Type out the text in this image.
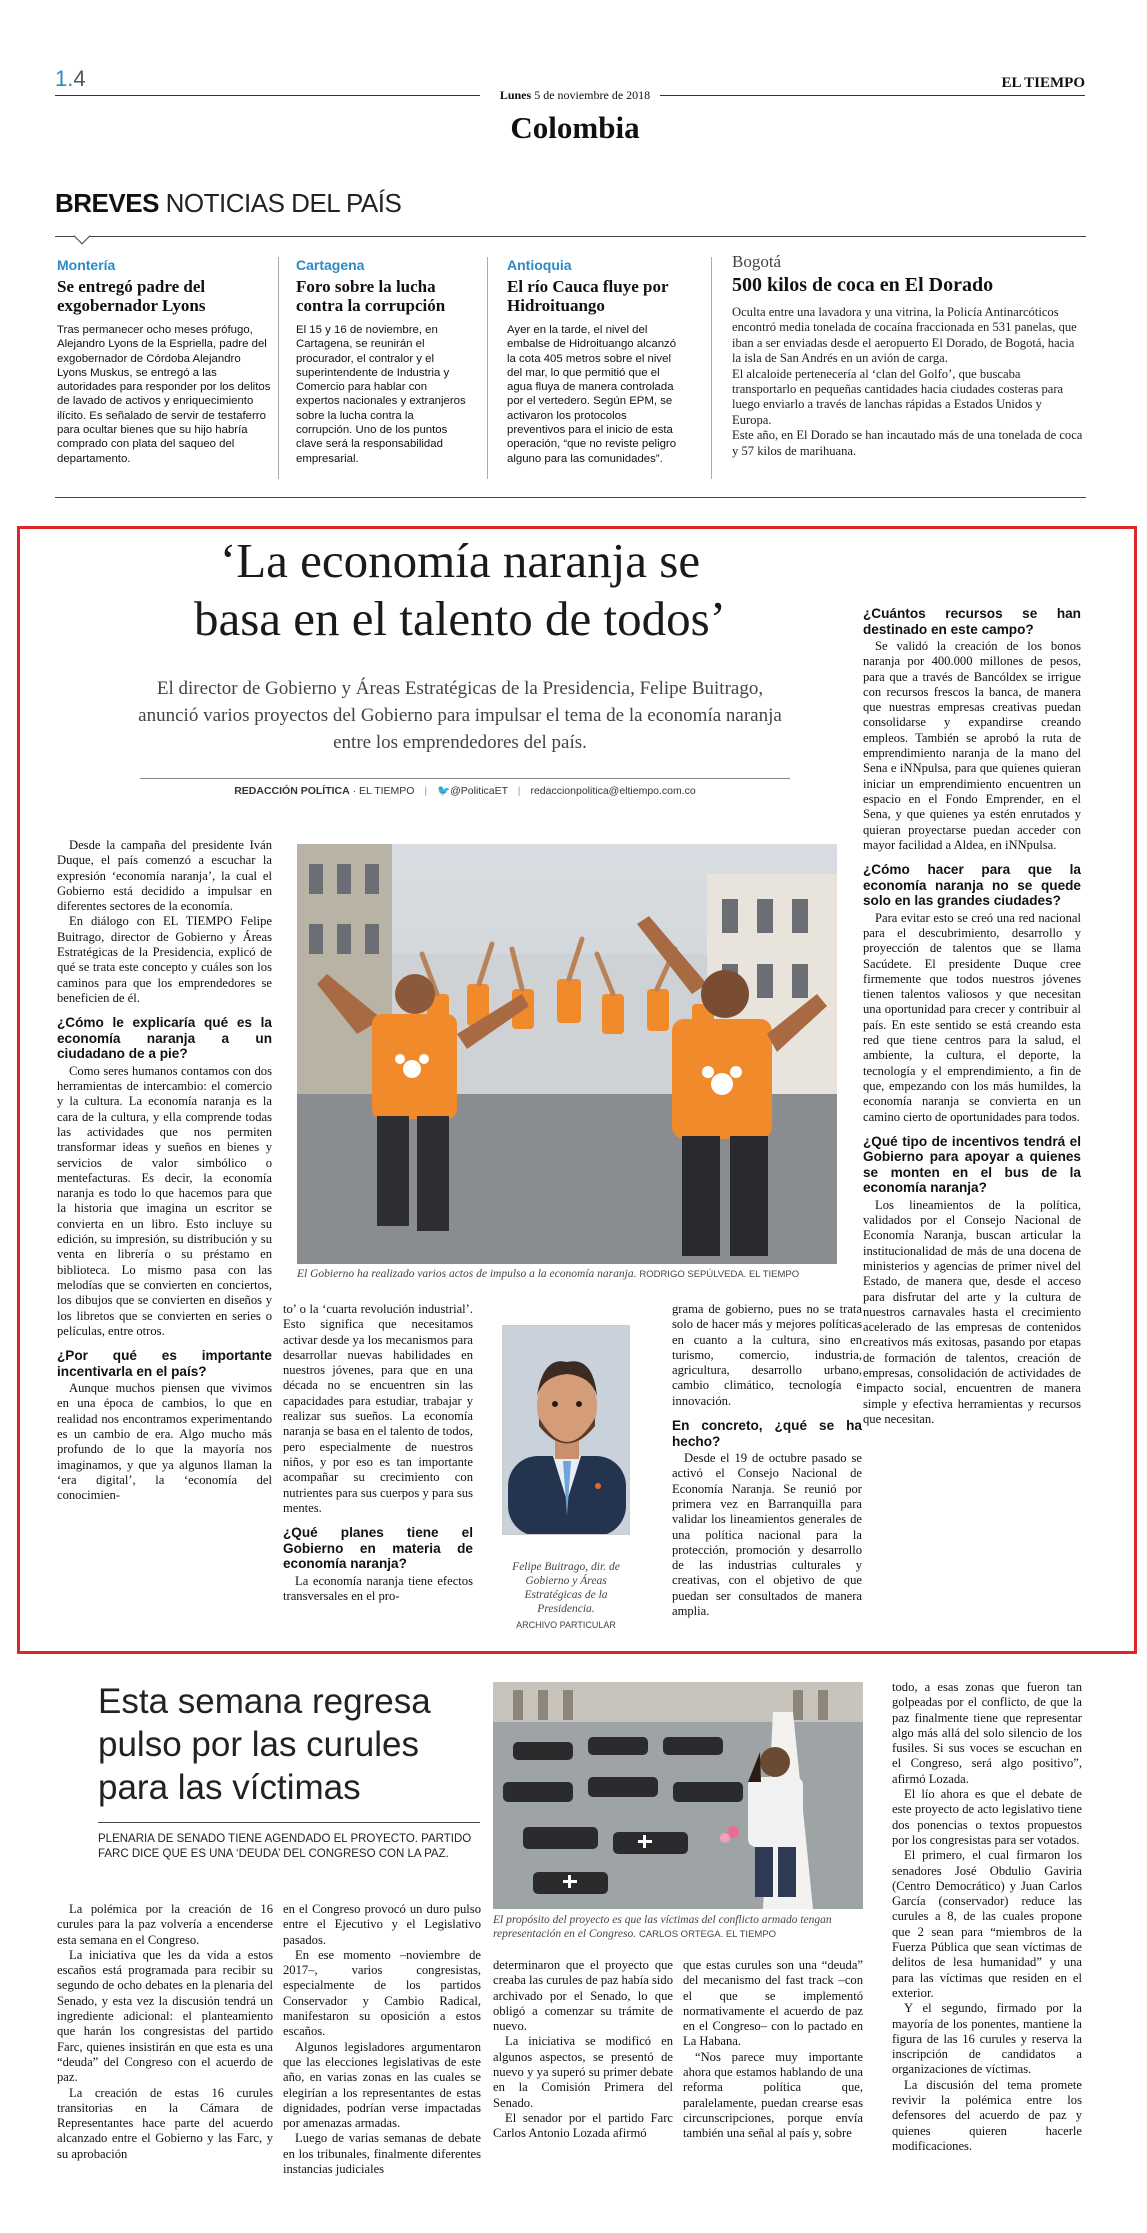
1.4
Lunes 5 de noviembre de 2018
Colombia
EL TIEMPO
BREVES NOTICIAS DEL PAÍS
Montería
Se entregó padre del exgobernador Lyons
Tras permanecer ocho meses prófugo, Alejandro Lyons de la Espriella, padre del exgobernador de Córdoba Alejandro Lyons Muskus, se entregó a las autoridades para responder por los delitos de lavado de activos y enriquecimiento ilícito. Es señalado de servir de testaferro para ocultar bienes que su hijo habría comprado con plata del saqueo del departamento.
Cartagena
Foro sobre la lucha contra la corrupción
El 15 y 16 de noviembre, en Cartagena, se reunirán el procurador, el contralor y el superintendente de Industria y Comercio para hablar con expertos nacionales y extranjeros sobre la lucha contra la corrupción. Uno de los puntos clave será la responsabilidad empresarial.
Antioquia
El río Cauca fluye por Hidroituango
Ayer en la tarde, el nivel del embalse de Hidroituango alcanzó la cota 405 metros sobre el nivel del mar, lo que permitió que el agua fluya de manera controlada por el vertedero. Según EPM, se activaron los protocolos preventivos para el inicio de esta operación, “que no reviste peligro alguno para las comunidades”.
Bogotá
500 kilos de coca en El Dorado
Oculta entre una lavadora y una vitrina, la Policía Antinarcóticos encontró media tonelada de cocaína fraccionada en 531 panelas, que iban a ser enviadas desde el aeropuerto El Dorado, de Bogotá, hacia la isla de San Andrés en un avión de carga.
El alcaloide pertenecería al ‘clan del Golfo’, que buscaba transportarlo en pequeñas cantidades hacia ciudades costeras para luego enviarlo a través de lanchas rápidas a Estados Unidos y Europa.
Este año, en El Dorado se han incautado más de una tonelada de coca y 57 kilos de marihuana.
‘La economía naranja se
basa en el talento de todos’
El director de Gobierno y Áreas Estratégicas de la Presidencia, Felipe Buitrago, anunció varios proyectos del Gobierno para impulsar el tema de la economía naranja entre los emprendedores del país.
REDACCIÓN POLÍTICA · EL TIEMPO | 🐦@PoliticaET | redaccionpolitica@eltiempo.com.co

Desde la campaña del presidente Iván Duque, el país comenzó a escuchar la expresión ‘economía naranja’, la cual el Gobierno está decidido a impulsar en diferentes sectores de la economía.

En diálogo con EL TIEMPO Felipe Buitrago, director de Gobierno y Áreas Estratégicas de la Presidencia, explicó de qué se trata este concepto y cuáles son los caminos para que los emprendedores se beneficien de él.

¿Cómo le explicaría qué es la economía naranja a un ciudadano de a pie?

Como seres humanos contamos con dos herramientas de intercambio: el comercio y la cultura. La economía naranja es la cara de la cultura, y ella comprende todas las actividades que nos permiten transformar ideas y sueños en bienes y servicios de valor simbólico o mentefacturas. Es decir, la economía naranja es todo lo que hacemos para que la historia que imagina un escritor se convierta en un libro. Esto incluye su edición, su impresión, su distribución y su venta en librería o su préstamo en biblioteca. Lo mismo pasa con las melodías que se convierten en conciertos, los dibujos que se convierten en diseños y los libretos que se convierten en series o películas, entre otros.

¿Por qué es importante incentivarla en el país?

Aunque muchos piensen que vivimos en una época de cambios, lo que en realidad nos encontramos experimentando es un cambio de era. Algo mucho más profundo de lo que la mayoría nos imaginamos, y que ya algunos llaman la ‘era digital’, la ‘economía del conocimien-

El Gobierno ha realizado varios actos de impulso a la economía naranja. RODRIGO SEPÚLVEDA. EL TIEMPO

to’ o la ‘cuarta revolución industrial’. Esto significa que necesitamos activar desde ya los mecanismos para desarrollar nuevas habilidades en nuestros jóvenes, para que en una década no se encuentren sin las capacidades para estudiar, trabajar y realizar sus sueños. La economía naranja se basa en el talento de todos, pero especialmente de nuestros niños, y por eso es tan importante acompañar su crecimiento con nutrientes para sus cuerpos y para sus mentes.

¿Qué planes tiene el Gobierno en materia de economía naranja?

La economía naranja tiene efectos transversales en el pro-

Felipe Buitrago, dir. de Gobierno y Áreas Estratégicas de la Presidencia.
ARCHIVO PARTICULAR

grama de gobierno, pues no se trata solo de hacer más y mejores políticas en cuanto a la cultura, sino en turismo, comercio, industria, agricultura, desarrollo urbano, cambio climático, tecnología e innovación.

En concreto, ¿qué se ha hecho?

Desde el 19 de octubre pasado se activó el Consejo Nacional de Economía Naranja. Se reunió por primera vez en Barranquilla para validar los lineamientos generales de una política nacional para la protección, promoción y desarrollo de las industrias culturales y creativas, con el objetivo de que puedan ser consultados de manera amplia.

¿Cuántos recursos se han destinado en este campo?

Se validó la creación de los bonos naranja por 400.000 millones de pesos, para que a través de Bancóldex se irrigue con recursos frescos la banca, de manera que nuestras empresas creativas puedan consolidarse y expandirse creando empleos. También se aprobó la ruta de emprendimiento naranja de la mano del Sena e iNNpulsa, para que quienes quieran iniciar un emprendimiento encuentren un espacio en el Fondo Emprender, en el Sena, y que quienes ya estén enrutados y quieran proyectarse puedan acceder con mayor facilidad a Aldea, en iNNpulsa.

¿Cómo hacer para que la economía naranja no se quede solo en las grandes ciudades?

Para evitar esto se creó una red nacional para el descubrimiento, desarrollo y proyección de talentos que se llama Sacúdete. El presidente Duque cree firmemente que todos nuestros jóvenes tienen talentos valiosos y que necesitan una oportunidad para crecer y contribuir al país. En este sentido se está creando esta red que tiene centros para la salud, el ambiente, la cultura, el deporte, la tecnología y el emprendimiento, a fin de que, empezando con los más humildes, la economía naranja se convierta en un camino cierto de oportunidades para todos.

¿Qué tipo de incentivos tendrá el Gobierno para apoyar a quienes se monten en el bus de la economía naranja?

Los lineamientos de la política, validados por el Consejo Nacional de Economía Naranja, buscan articular la institucionalidad de más de una docena de ministerios y agencias de primer nivel del Estado, de manera que, desde el acceso para disfrutar del arte y la cultura de nuestros carnavales hasta el crecimiento acelerado de las empresas de contenidos creativos más exitosas, pasando por etapas de formación de talentos, creación de empresas, consolidación de actividades de impacto social, encuentren de manera simple y efectiva herramientas y recursos que necesitan.

Esta semana regresa pulso por las curules para las víctimas
PLENARIA DE SENADO TIENE AGENDADO EL PROYECTO. PARTIDO FARC DICE QUE ES UNA ‘DEUDA’ DEL CONGRESO CON LA PAZ.
El propósito del proyecto es que las víctimas del conflicto armado tengan representación en el Congreso. CARLOS ORTEGA. EL TIEMPO

La polémica por la creación de 16 curules para la paz volvería a encenderse esta semana en el Congreso.

La iniciativa que les da vida a estos escaños está programada para recibir su segundo de ocho debates en la plenaria del Senado, y esta vez la discusión tendrá un ingrediente adicional: el planteamiento que harán los congresistas del partido Farc, quienes insistirán en que esta es una “deuda” del Congreso con el acuerdo de paz.

La creación de estas 16 curules transitorias en la Cámara de Representantes hace parte del acuerdo alcanzado entre el Gobierno y las Farc, y su aprobación

en el Congreso provocó un duro pulso entre el Ejecutivo y el Legislativo pasados.

En ese momento –noviembre de 2017–, varios congresistas, especialmente de los partidos Conservador y Cambio Radical, manifestaron su oposición a estos escaños.

Algunos legisladores argumentaron que las elecciones legislativas de este año, en varias zonas en las cuales se elegirían a los representantes de estas dignidades, podrían verse impactadas por amenazas armadas.

Luego de varias semanas de debate en los tribunales, finalmente diferentes instancias judiciales

determinaron que el proyecto que creaba las curules de paz había sido archivado por el Senado, lo que obligó a comenzar su trámite de nuevo.

La iniciativa se modificó en algunos aspectos, se presentó de nuevo y ya superó su primer debate en la Comisión Primera del Senado.

El senador por el partido Farc Carlos Antonio Lozada afirmó

que estas curules son una “deuda” del mecanismo del fast track –con el que se implementó normativamente el acuerdo de paz en el Congreso– con lo pactado en La Habana.

“Nos parece muy importante ahora que estamos hablando de una reforma política que, paralelamente, puedan crearse esas circunscripciones, porque envía también una señal al país y, sobre

todo, a esas zonas que fueron tan golpeadas por el conflicto, de que la paz finalmente tiene que representar algo más allá del solo silencio de los fusiles. Si sus voces se escuchan en el Congreso, será algo positivo”, afirmó Lozada.

El lío ahora es que el debate de este proyecto de acto legislativo tiene dos ponencias o textos propuestos por los congresistas para ser votados.

El primero, el cual firmaron los senadores José Obdulio Gaviria (Centro Democrático) y Juan Carlos García (conservador) reduce las curules a 8, de las cuales propone que 2 sean para “miembros de la Fuerza Pública que sean víctimas de delitos de lesa humanidad” y una para las víctimas que residen en el exterior.

Y el segundo, firmado por la mayoría de los ponentes, mantiene la figura de las 16 curules y reserva la inscripción de candidatos a organizaciones de víctimas.

La discusión del tema promete revivir la polémica entre los defensores del acuerdo de paz y quienes quieren hacerle modificaciones.
